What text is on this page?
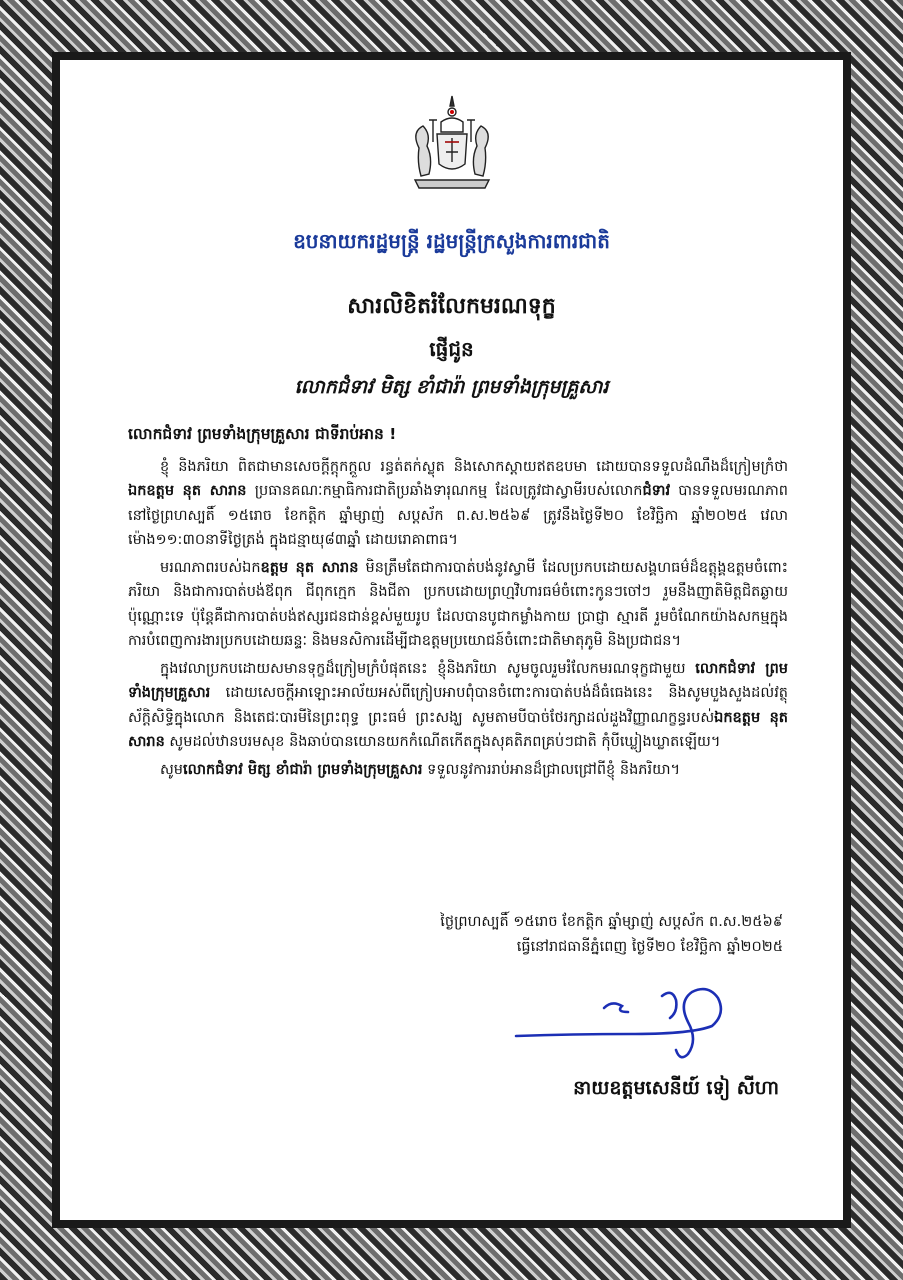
ឧបនាយករដ្ឋមន្ត្រី រដ្ឋមន្ត្រីក្រសួងការពារជាតិ
សារលិខិតរំលែកមរណទុក្ខ
ផ្ញើជូន
លោកជំទាវ មិត្ស ខាំជារ៉ា ព្រមទាំងក្រុមគ្រួសារ

លោកជំទាវ ព្រមទាំងក្រុមគ្រួសារ ជាទីរាប់អាន !

ខ្ញុំ និងភរិយា ពិតជាមានសេចក្តីក្តុកក្តួល រន្ធត់តក់ស្លុត និងសោកស្តាយឥតឧបមា ដោយបានទទួលដំណឹងដ៏ក្រៀមក្រំថា ឯកឧត្តម នុត សារាន ប្រធានគណៈកម្មាធិការជាតិប្រឆាំងទារុណកម្ម ដែលត្រូវជាស្វាមីរបស់លោកជំទាវ បានទទួលមរណភាពនៅថ្ងៃព្រហស្បតិ៍ ១៥រោច ខែកត្តិក ឆ្នាំម្សាញ់ សប្តស័ក ព.ស.២៥៦៩ ត្រូវនឹងថ្ងៃទី២០ ខែវិច្ឆិកា ឆ្នាំ២០២៥ វេលាម៉ោង១១:៣០នាទីថ្ងៃត្រង់ ក្នុងជន្មាយុ៨៣ឆ្នាំ ដោយរោគាពាធ។

មរណភាពរបស់ឯកឧត្តម នុត សារាន មិនត្រឹមតែជាការបាត់បង់នូវស្វាមី ដែលប្រកបដោយសង្គហធម៌ដ៏ឧត្តុង្គឧត្តមចំពោះភរិយា និងជាការបាត់បង់ឪពុក ជីពុកក្មេក និងជីតា ប្រកបដោយព្រហ្មវិហារធម៌ចំពោះកូនៗចៅៗ រួមនឹងញាតិមិត្តជិតឆ្ងាយប៉ុណ្ណោះទេ ប៉ុន្តែគឺជាការបាត់បង់ឥស្សរជនជាន់ខ្ពស់មួយរូប ដែលបានបូជាកម្លាំងកាយ ប្រាជ្ញា ស្មារតី រួមចំណែកយ៉ាងសកម្មក្នុងការបំពេញការងារប្រកបដោយឆន្ទៈ និងមនសិការដើម្បីជាឧត្តមប្រយោជន៍ចំពោះជាតិមាតុភូមិ និងប្រជាជន។

ក្នុងវេលាប្រកបដោយសមានទុក្ខដ៏ក្រៀមក្រំបំផុតនេះ ខ្ញុំនិងភរិយា សូមចូលរួមរំលែកមរណទុក្ខជាមួយ លោកជំទាវ ព្រមទាំងក្រុមគ្រួសារ ដោយសេចក្តីអាឡោះអាល័យអស់ពីក្រៀបអាបពុំបានចំពោះការបាត់បង់ដ៏ធំធេងនេះ និងសូមបួងសួងដល់វត្ថុស័ក្តិសិទ្ធិក្នុងលោក និងតេជៈបារមីនៃព្រះពុទ្ធ ព្រះធម៌ ព្រះសង្ឃ សូមតាមបីបាច់ថែរក្សាដល់ដួងវិញ្ញាណក្ខន្ធរបស់ឯកឧត្តម នុត សារាន សូមដល់ឋានបរមសុខ និងឆាប់បានយោនយកកំណើតកើតក្នុងសុគតិភពគ្រប់ៗជាតិ កុំបីឃ្លៀងឃ្លាតឡើយ។

សូមលោកជំទាវ មិត្ស ខាំជារ៉ា ព្រមទាំងក្រុមគ្រួសារ ទទួលនូវការរាប់អានដ៏ជ្រាលជ្រៅពីខ្ញុំ និងភរិយា។

ថ្ងៃព្រហស្បតិ៍ ១៥រោច ខែកត្តិក ឆ្នាំម្សាញ់ សប្តស័ក ព.ស.២៥៦៩
ធ្វើនៅរាជធានីភ្នំពេញ ថ្ងៃទី២០ ខែវិច្ឆិកា ឆ្នាំ២០២៥
នាយឧត្តមសេនីយ៍ ទៀ សីហា
